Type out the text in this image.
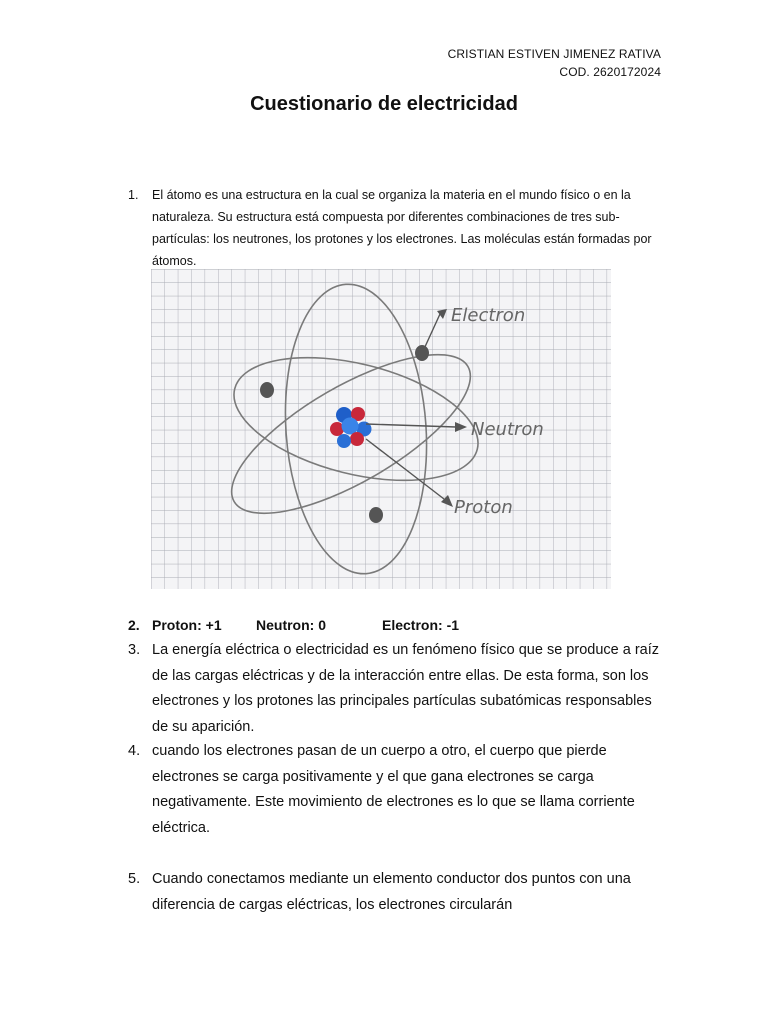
CRISTIAN ESTIVEN JIMENEZ RATIVA
COD. 2620172024
Cuestionario de electricidad
1. El átomo es una estructura en la cual se organiza la materia en el mundo físico o en la naturaleza. Su estructura está compuesta por diferentes combinaciones de tres sub-partículas: los neutrones, los protones y los electrones. Las moléculas están formadas por átomos.
Electron
Neutron
Proton
2. Proton: +1 Neutron: 0	Electron: -1
3. La energía eléctrica o electricidad es un fenómeno físico que se produce a raíz de las cargas eléctricas y de la interacción entre ellas. De esta forma, son los electrones y los protones las principales partículas subatómicas responsables de su aparición.
4. cuando los electrones pasan de un cuerpo a otro, el cuerpo que pierde electrones se carga positivamente y el que gana electrones se carga negativamente. Este movimiento de electrones es lo que se llama corriente eléctrica.
5. Cuando conectamos mediante un elemento conductor dos puntos con una diferencia de cargas eléctricas, los electrones circularán
